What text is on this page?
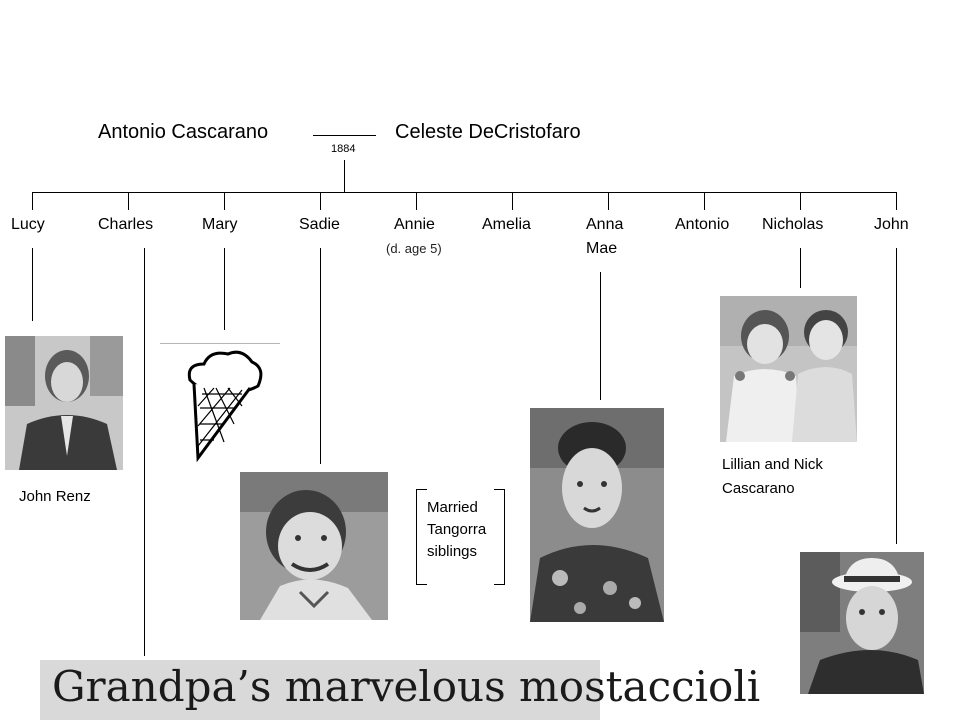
Antonio Cascarano	Celeste DeCristofaro
1884
Lucy	Charles	Mary	Sadie	Annie
(d. age 5)
Amelia	Anna
Mae
Antonio Nicholas	John
John Renz
Married
Tangorra
siblings
Lillian and Nick
Cascarano
Grandpa’s marvelous mostaccioli
